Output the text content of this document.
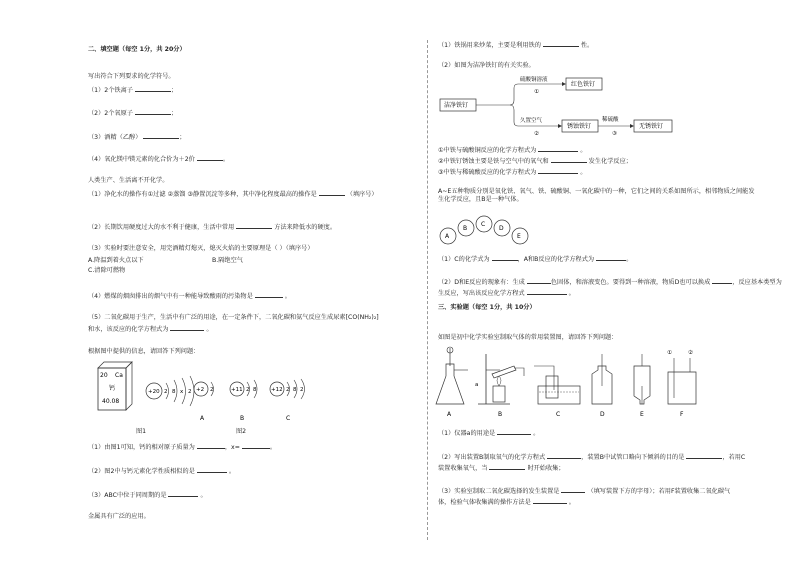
二、填空题（每空 1分，共 20分）
写出符合下列要求的化学符号。
（1）2个铁离子	；
（2）2个氧原子	；
（3）酒精（乙醇）	；
（4）氧化镁中镁元素的化合价为＋2价	。
人类生产、生活离不开化学。
（1）净化水的操作有①过滤 ②蒸馏 ③静置沉淀等多种，其中净化程度最高的操作是	（填序号）
（2）长期饮用硬度过大的水不利于健康，生活中常用	方法来降低水的硬度。
（3）实验时要注意安全，用完酒精灯熄灭，熄灭火焰的主要原理是（ ）（填序号）
A.降温到着火点以下	B.隔绝空气
C.清除可燃物
（4）燃煤的烟囱排出的烟气中有一种能导致酸雨的污染物是	。
（5）二氧化碳用于生产，生活中有广泛的用途，在一定条件下，二氧化碳和氨气反应生成尿素[CO(NH₂)₂]
和水，该反应的化学方程式为	。
根据图中提供的信息，请回答下列问题：
20 Ca
钙
40.08
+20 2 8 x 2 +2 2
A
+11 2 8
B
+12 2 8 2
C
图1	图2
（1）由图1可知，钙的相对原子质量为	，x=	。
（2）图2中与钙元素化学性质相似的是	。
（3）ABC中位于同周期的是	。
金属具有广泛的应用。
（1）铁锅用来炒菜，主要是利用铁的	性。
（2）如图为洁净铁钉的有关实验。
洁净铁钉
硫酸铜溶液
①
红色铁钉
久置空气
②
锈蚀铁钉
稀硫酸
③
无锈铁钉
①中铁与硫酸铜反应的化学方程式为	。
②中铁钉锈蚀主要是铁与空气中的氧气和	发生化学反应；
③中铁与稀硫酸反应的化学方程式为	。
A~E五种物质分别是氧化铁、氧气、铁、硫酸铜、一氧化碳中的一种，它们之间的关系如图所示，相邻物质之间能发生化学反应，且B是一种气体。
A
B
C
D
E
（1）C的化学式为	，A和B反应的化学方程式为	。
（2）D和E反应的现象有：生成	色固体，和溶液变色。要得到一种溶液，物质D也可以换成	，反应基本类型为
生反应，写出该反应化学方程式	。
三、实验题（每空 1分，共 10分）
如图是初中化学实验室制取气体的常用装置图，请回答下列问题：
A
a
B	C	D	E
①	②
F
（1）仪器a的用途是	。
（2）写出装置B制取氧气的化学方程式	，装置B中试管口略向下倾斜的目的是	，若用C
装置收集氧气，当	时开始收集；
（3）实验室制取二氧化碳选择的发生装置是	（填写装置下方的字母）；若用F装置收集二氧化碳气
体，检验气体收集满的操作方法是	。
